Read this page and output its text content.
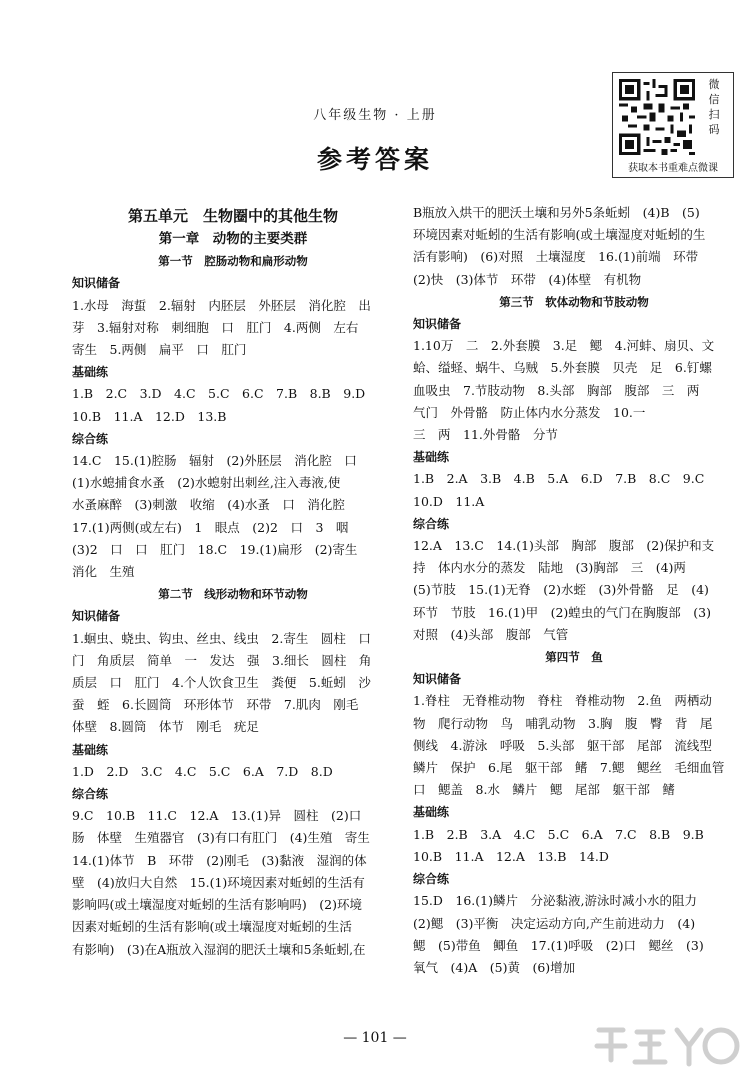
八年级生物 · 上册
参考答案
微
信
扫
码
获取本书重难点微课
第五单元　生物圈中的其他生物
第一章　动物的主要类群
第一节　腔肠动物和扁形动物
知识储备
1.水母　海蜇　2.辐射　内胚层　外胚层　消化腔　出
芽　3.辐射对称　刺细胞　口　肛门　4.两侧　左右
寄生　5.两侧　扁平　口　肛门
基础练
1.B　2.C　3.D　4.C　5.C　6.C　7.B　8.B　9.D
10.B　11.A　12.D　13.B
综合练
14.C　15.(1)腔肠　辐射　(2)外胚层　消化腔　口
(1)水螅捕食水蚤　(2)水螅射出刺丝,注入毒液,使
水蚤麻醉　(3)刺激　收缩　(4)水蚤　口　消化腔
17.(1)两侧(或左右)　1　眼点　(2)2　口　3　咽
(3)2　口　口　肛门　18.C　19.(1)扁形　(2)寄生
消化　生殖
第二节　线形动物和环节动物
知识储备
1.蛔虫、蛲虫、钩虫、丝虫、线虫　2.寄生　圆柱　口
门　角质层　简单　一　发达　强　3.细长　圆柱　角
质层　口　肛门　4.个人饮食卫生　粪便　5.蚯蚓　沙
蚕　蛭　6.长圆筒　环形体节　环带　7.肌肉　刚毛
体壁　8.圆筒　体节　刚毛　疣足
基础练
1.D　2.D　3.C　4.C　5.C　6.A　7.D　8.D
综合练
9.C　10.B　11.C　12.A　13.(1)异　圆柱　(2)口
肠　体壁　生殖器官　(3)有口有肛门　(4)生殖　寄生
14.(1)体节　B　环带　(2)刚毛　(3)黏液　湿润的体
壁　(4)放归大自然　15.(1)环境因素对蚯蚓的生活有
影响吗(或土壤湿度对蚯蚓的生活有影响吗)　(2)环境
因素对蚯蚓的生活有影响(或土壤湿度对蚯蚓的生活
有影响)　(3)在A瓶放入湿润的肥沃土壤和5条蚯蚓,在
B瓶放入烘干的肥沃土壤和另外5条蚯蚓　(4)B　(5)
环境因素对蚯蚓的生活有影响(或土壤湿度对蚯蚓的生
活有影响)　(6)对照　土壤湿度　16.(1)前端　环带
(2)快　(3)体节　环带　(4)体壁　有机物
第三节　软体动物和节肢动物
知识储备
1.10万　二　2.外套膜　3.足　鳃　4.河蚌、扇贝、文
蛤、缢蛏、蜗牛、乌贼　5.外套膜　贝壳　足　6.钉螺
血吸虫　7.节肢动物　8.头部　胸部　腹部　三　两
气门　外骨骼　防止体内水分蒸发　10.一
三　两　11.外骨骼　分节
基础练
1.B　2.A　3.B　4.B　5.A　6.D　7.B　8.C　9.C
10.D　11.A
综合练
12.A　13.C　14.(1)头部　胸部　腹部　(2)保护和支
持　体内水分的蒸发　陆地　(3)胸部　三　(4)两
(5)节肢　15.(1)无脊　(2)水蛭　(3)外骨骼　足　(4)
环节　节肢　16.(1)甲　(2)蝗虫的气门在胸腹部　(3)
对照　(4)头部　腹部　气管
第四节　鱼
知识储备
1.脊柱　无脊椎动物　脊柱　脊椎动物　2.鱼　两栖动
物　爬行动物　鸟　哺乳动物　3.胸　腹　臀　背　尾
侧线　4.游泳　呼吸　5.头部　躯干部　尾部　流线型
鳞片　保护　6.尾　躯干部　鳍　7.鳃　鳃丝　毛细血管
口　鳃盖　8.水　鳞片　鳃　尾部　躯干部　鳍
基础练
1.B　2.B　3.A　4.C　5.C　6.A　7.C　8.B　9.B
10.B　11.A　12.A　13.B　14.D
综合练
15.D　16.(1)鳞片　分泌黏液,游泳时减小水的阻力
(2)鳃　(3)平衡　决定运动方向,产生前进动力　(4)
鳃　(5)带鱼　鲫鱼　17.(1)呼吸　(2)口　鳃丝　(3)
氧气　(4)A　(5)黄　(6)增加
— 101 —
